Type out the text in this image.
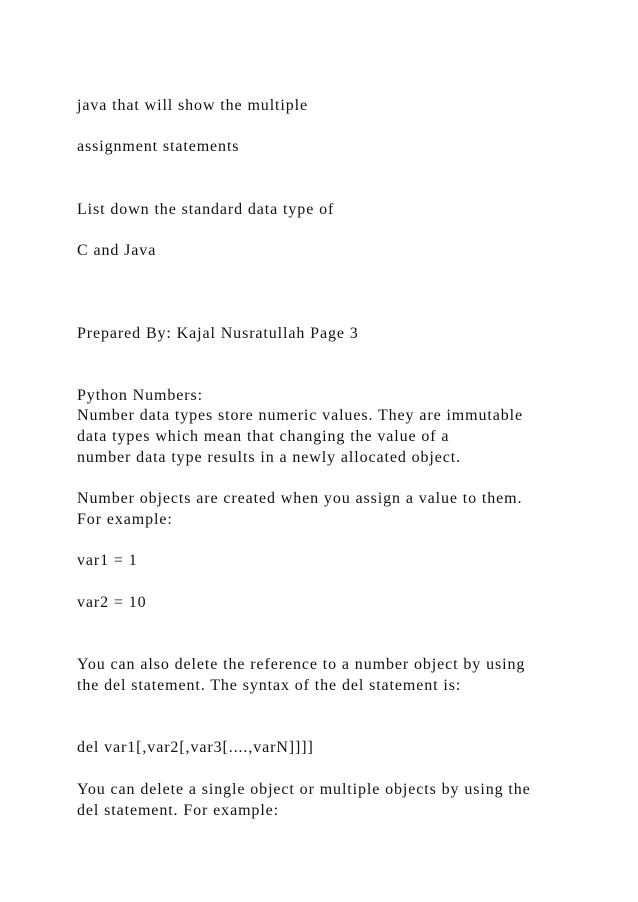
java that will show the multiple

assignment statements

List down the standard data type of

C and Java

Prepared By: Kajal Nusratullah Page 3

Python Numbers:

Number data types store numeric values. They are immutable

data types which mean that changing the value of a

number data type results in a newly allocated object.

Number objects are created when you assign a value to them.

For example:

var1 = 1

var2 = 10

You can also delete the reference to a number object by using

the del statement. The syntax of the del statement is:

del var1[,var2[,var3[....,varN]]]]

You can delete a single object or multiple objects by using the

del statement. For example:
